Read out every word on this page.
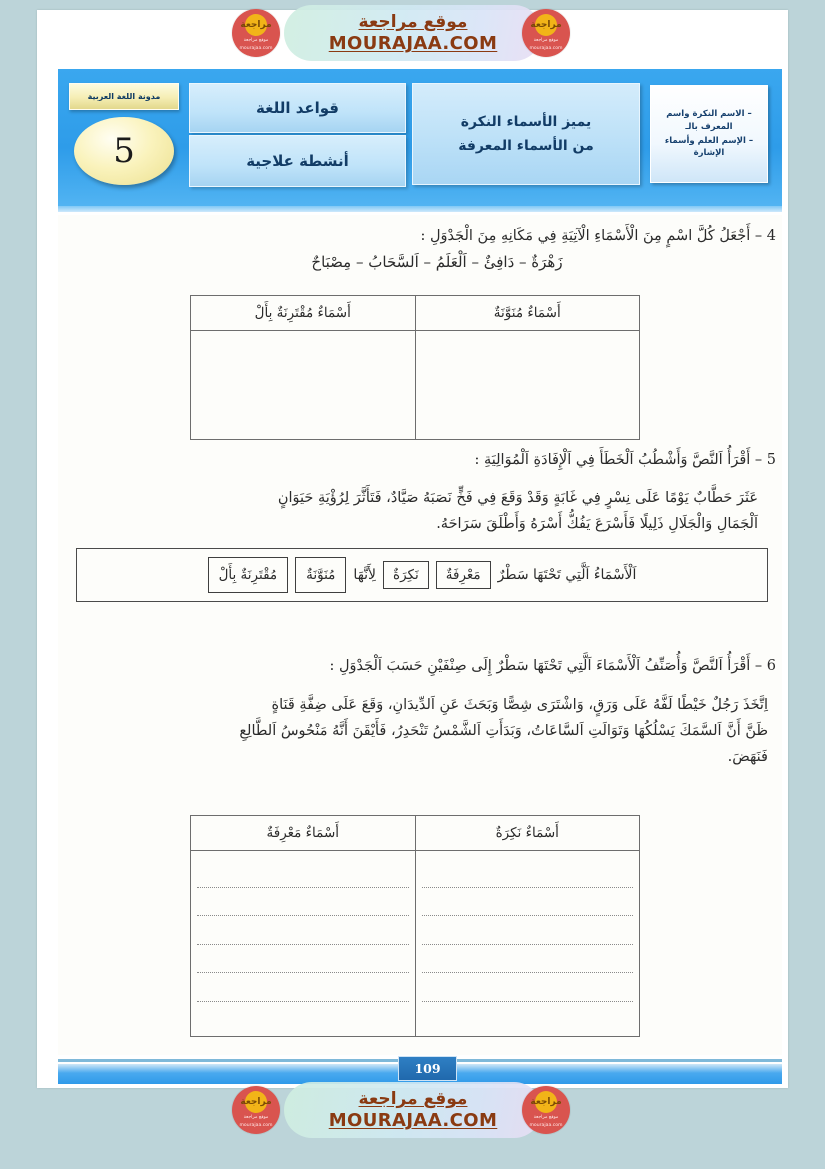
مدونة اللغة العربية
5
قواعد اللغة
أنشطة علاجية
يميز الأسماء النكرة
من الأسماء المعرفة

– الاسم النكرة واسم المعرف بالـ

– الإسم العلم وأسماء الإشارة

4 – أَجْعَلُ كُلَّ اسْمٍ مِنَ الْأَسْمَاءِ الْآتِيَةِ فِي مَكَانِهِ مِنَ الْجَدْوَلِ :
زَهْرَةٌ – دَافِئٌ – اَلْعَلَمُ – اَلسَّحَابُ – مِصْبَاحٌ
أَسْمَاءٌ مُنَوَّنَةٌ
أَسْمَاءٌ مُقْتَرِنَةٌ بِأَلْ
5 – أَقْرَأُ اَلنَّصَّ وَأَشْطُبُ اَلْخَطَأَ فِي اَلْإِفَادَةِ اَلْمُوَالِيَةِ :
عَثَرَ حَطَّابٌ يَوْمًا عَلَى نِسْرٍ فِي غَابَةٍ وَقَدْ وَقَعَ فِي فَخٍّ نَصَبَهُ صَيَّادٌ، فَتَأَثَّرَ لِرُؤْيَةِ حَيَوَانٍ
اَلْجَمَالِ وَالْجَلَالِ ذَلِيلًا فَأَسْرَعَ يَفُكُّ أَسْرَهُ وَأَطْلَقَ سَرَاحَهُ.
اَلْأَسْمَاءُ اَلَّتِي تَحْتَهَا سَطْرٌ
مَعْرِفَةٌ
نَكِرَةٌ
لِأَنَّهَا
مُنَوَّنَةٌ
مُقْتَرِنَةٌ بِأَلْ
6 – أَقْرَأُ اَلنَّصَّ وَأُصَنِّفُ اَلْأَسْمَاءَ اَلَّتِي تَحْتَهَا سَطْرٌ إِلَى صِنْفَيْنِ حَسَبَ اَلْجَدْوَلِ :
اِتَّخَذَ رَجُلٌ خَيْطًا لَفَّهُ عَلَى وَرَقٍ، وَاشْتَرَى شِصًّا وَبَحَثَ عَنِ اَلدِّيدَانِ، وَقَعَ عَلَى ضِفَّةِ قَنَاةٍ
ظَنَّ أَنَّ اَلسَّمَكَ يَسْلُكُهَا وَتَوَالَتِ اَلسَّاعَاتُ، وَبَدَأَتِ اَلشَّمْسُ تَنْحَدِرُ، فَأَيْقَنَ أَنَّهُ مَنْحُوسُ اَلطَّالِعِ
فَنَهَضَ.
أَسْمَاءٌ نَكِرَةٌ
أَسْمَاءٌ مَعْرِفَةٌ
109
موقع مراجعة
MOURAJAA.COM
مراجعة
موقع مراجعة
mourajaa.com
مراجعة
موقع مراجعة
mourajaa.com
موقع مراجعة
MOURAJAA.COM
مراجعة
موقع مراجعة
mourajaa.com
مراجعة
موقع مراجعة
mourajaa.com
